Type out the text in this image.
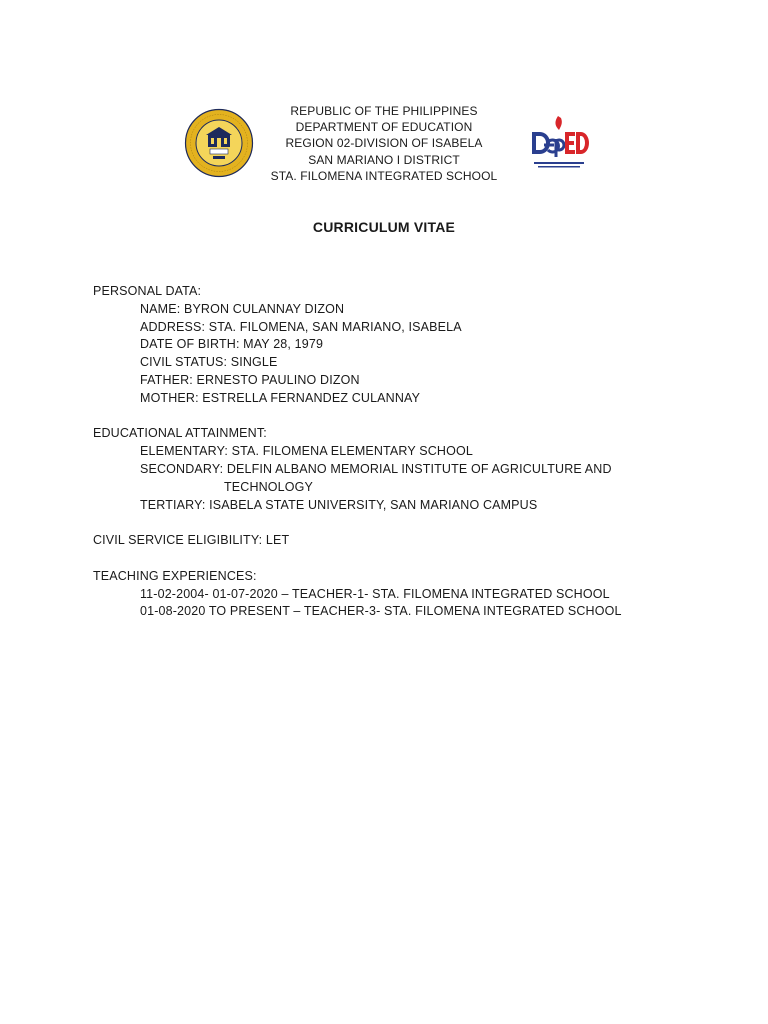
REPUBLIC OF THE PHILIPPINES
DEPARTMENT OF EDUCATION
REGION 02-DIVISION OF ISABELA
SAN MARIANO I DISTRICT
STA. FILOMENA INTEGRATED SCHOOL
CURRICULUM VITAE
PERSONAL DATA:
NAME: BYRON CULANNAY DIZON
ADDRESS: STA. FILOMENA, SAN MARIANO, ISABELA
DATE OF BIRTH: MAY 28, 1979
CIVIL STATUS: SINGLE
FATHER: ERNESTO PAULINO DIZON
MOTHER: ESTRELLA FERNANDEZ CULANNAY
EDUCATIONAL ATTAINMENT:
ELEMENTARY: STA. FILOMENA ELEMENTARY SCHOOL
SECONDARY: DELFIN ALBANO MEMORIAL INSTITUTE OF AGRICULTURE AND
TECHNOLOGY
TERTIARY: ISABELA STATE UNIVERSITY, SAN MARIANO CAMPUS
CIVIL SERVICE ELIGIBILITY: LET
TEACHING EXPERIENCES:
11-02-2004- 01-07-2020 – TEACHER-1- STA. FILOMENA INTEGRATED SCHOOL
01-08-2020 TO PRESENT – TEACHER-3- STA. FILOMENA INTEGRATED SCHOOL
